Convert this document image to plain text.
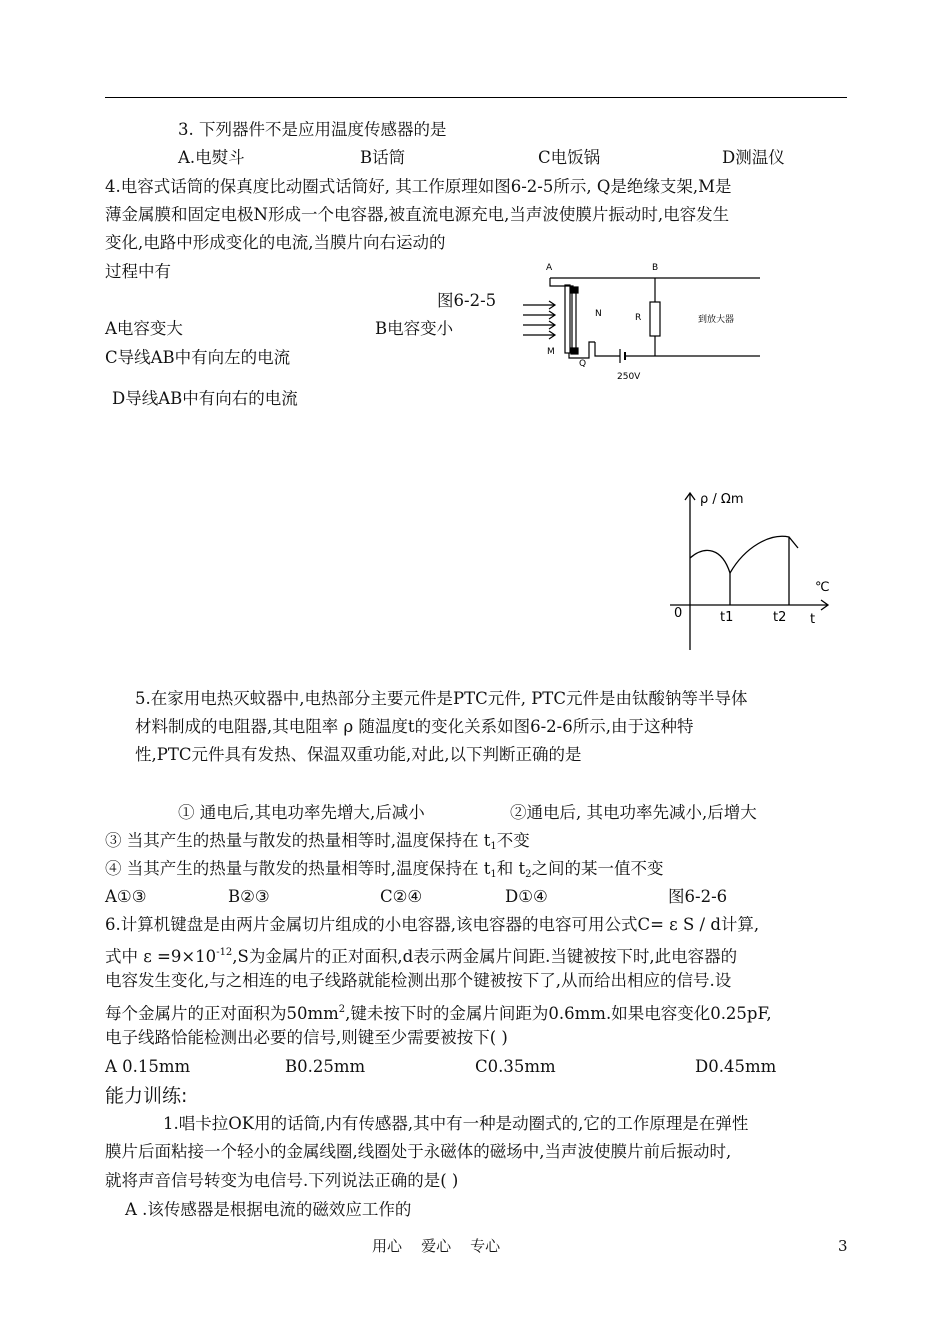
3. 下列器件不是应用温度传感器的是
A.电熨斗	B话筒	C电饭锅	D测温仪
4.电容式话筒的保真度比动圈式话筒好, 其工作原理如图6-2-5所示, Q是绝缘支架,M是
薄金属膜和固定电极N形成一个电容器,被直流电源充电,当声波使膜片振动时,电容发生
变化,电路中形成变化的电流,当膜片向右运动的
过程中有
图6-2-5
A电容变大	B电容变小
C导线AB中有向左的电流
D导线AB中有向右的电流
A	B
N	R
M
Q
250V
到放大器
ρ / Ωm
℃
t
0	t1	t2
5.在家用电热灭蚊器中,电热部分主要元件是PTC元件, PTC元件是由钛酸钠等半导体
材料制成的电阻器,其电阻率 ρ 随温度t的变化关系如图6-2-6所示,由于这种特
性,PTC元件具有发热、保温双重功能,对此,以下判断正确的是
① 通电后,其电功率先增大,后减小	②通电后, 其电功率先减小,后增大
③ 当其产生的热量与散发的热量相等时,温度保持在 $t_1$不变
④ 当其产生的热量与散发的热量相等时,温度保持在 $t_1$和 $t_2$之间的某一值不变
A①③	B②③	C②④	D①④	图6-2-6
6.计算机键盘是由两片金属切片组成的小电容器,该电容器的电容可用公式C= ε S / d计算,
式中 $\varepsilon =9\times 10^{-12},S$为金属片的正对面积,d表示两金属片间距.当键被按下时,此电容器的
电容发生变化,与之相连的电子线路就能检测出那个键被按下了,从而给出相应的信号.设
每个金属片的正对面积为$50mm^2$,键未按下时的金属片间距为0.6mm.如果电容变化0.25pF,
电子线路恰能检测出必要的信号,则键至少需要被按下( )
A 0.15mm	B0.25mm	C0.35mm	D0.45mm
能力训练:
1.唱卡拉OK用的话筒,内有传感器,其中有一种是动圈式的,它的工作原理是在弹性
膜片后面粘接一个轻小的金属线圈,线圈处于永磁体的磁场中,当声波使膜片前后振动时,
就将声音信号转变为电信号.下列说法正确的是( )
A .该传感器是根据电流的磁效应工作的
用心    爱心    专心	3
